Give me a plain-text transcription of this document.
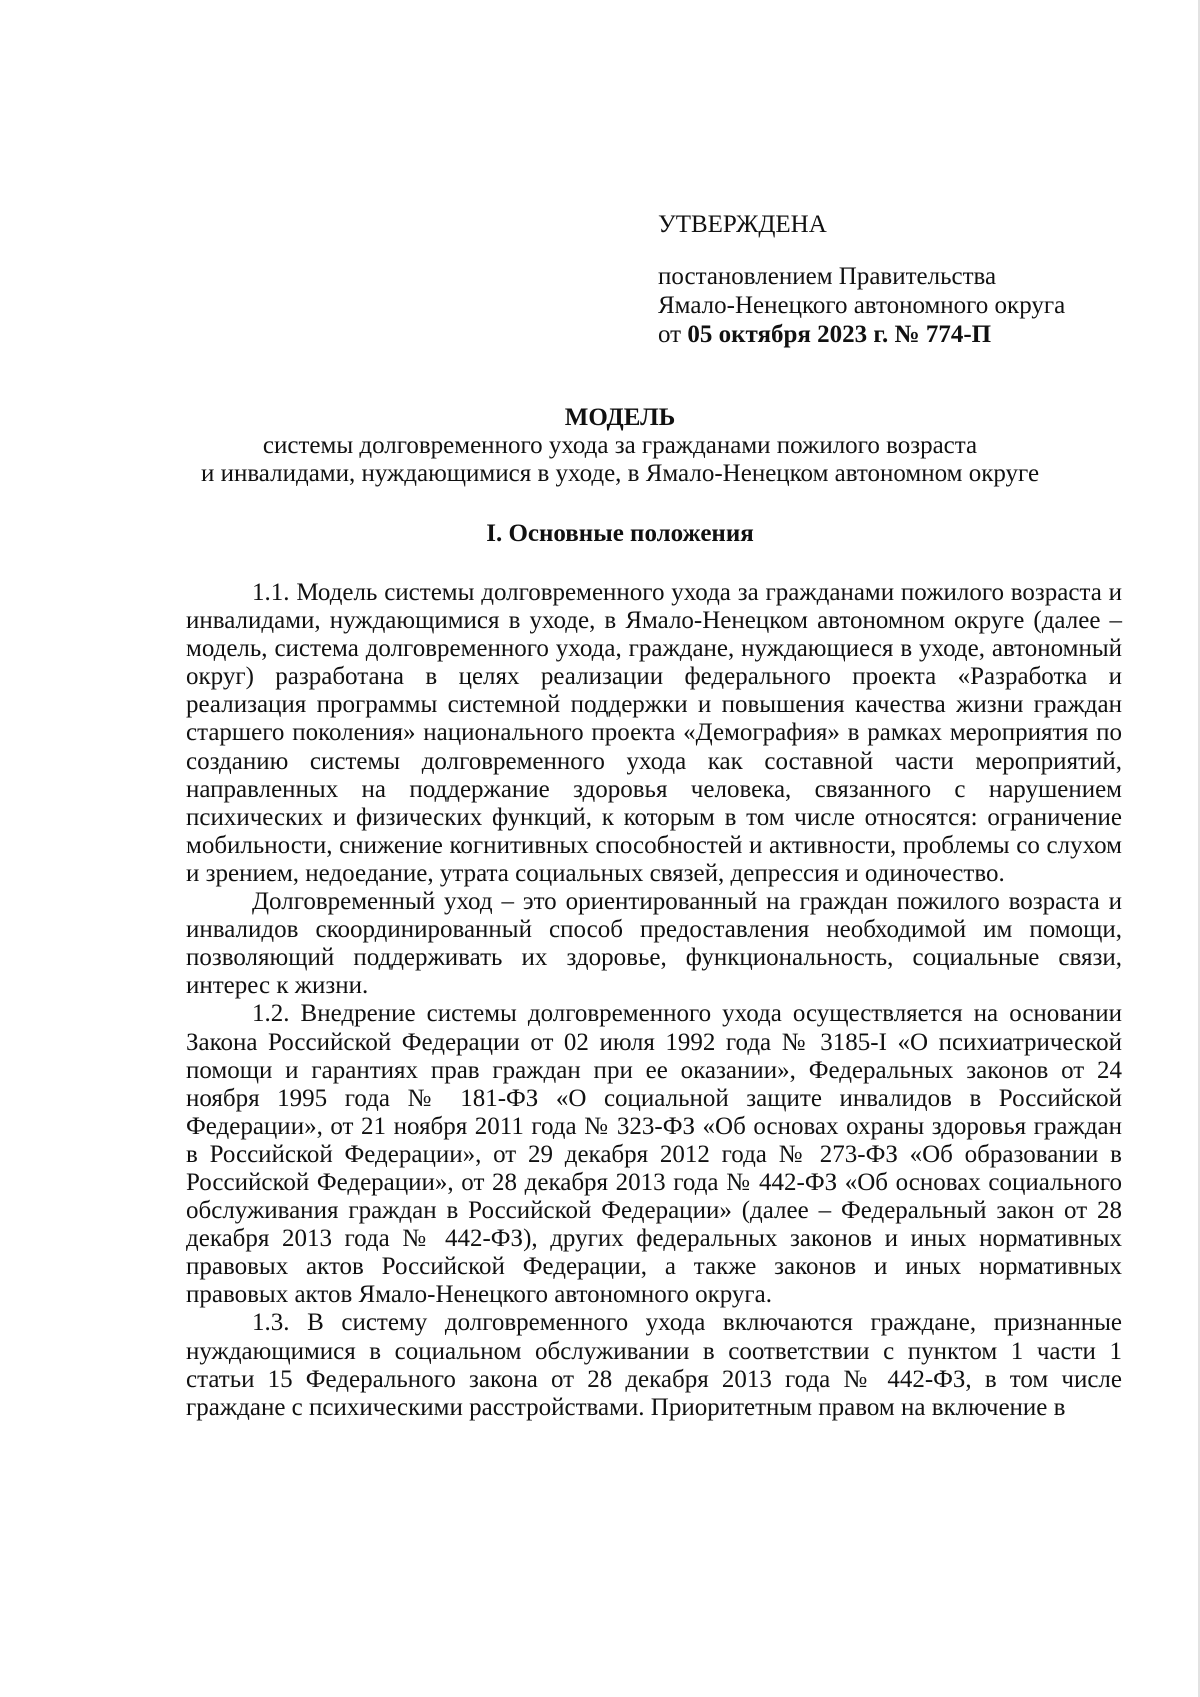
УТВЕРЖДЕНА
постановлением Правительства
Ямало-Ненецкого автономного округа
от 05 октября 2023 г. № 774-П
МОДЕЛЬ
системы долговременного ухода за гражданами пожилого возраста
и инвалидами, нуждающимися в уходе, в Ямало-Ненецком автономном округе
I. Основные положения

1.1. Модель системы долговременного ухода за гражданами пожилого возраста и инвалидами, нуждающимися в уходе, в Ямало-Ненецком автономном округе (далее – модель, система долговременного ухода, граждане, нуждающиеся в уходе, автономный округ) разработана в целях реализации федерального проекта «Разработка и реализация программы системной поддержки и повышения качества жизни граждан старшего поколения» национального проекта «Демография» в рамках мероприятия по созданию системы долговременного ухода как составной части мероприятий, направленных на поддержание здоровья человека, связанного с нарушением психических и физических функций, к которым в том числе относятся: ограничение мобильности, снижение когнитивных способностей и активности, проблемы со слухом и зрением, недоедание, утрата социальных связей, депрессия и одиночество.

Долговременный уход – это ориентированный на граждан пожилого возраста и инвалидов скоординированный способ предоставления необходимой им помощи, позволяющий поддерживать их здоровье, функциональность, социальные связи, интерес к жизни.

1.2. Внедрение системы долговременного ухода осуществляется на основании Закона Российской Федерации от 02 июля 1992 года № 3185-I «О психиатрической помощи и гарантиях прав граждан при ее оказании», Федеральных законов от 24 ноября 1995 года № 181-ФЗ «О социальной защите инвалидов в Российской Федерации», от 21 ноября 2011 года № 323-ФЗ «Об основах охраны здоровья граждан в Российской Федерации», от 29 декабря 2012 года № 273-ФЗ «Об образовании в Российской Федерации», от 28 декабря 2013 года № 442-ФЗ «Об основах социального обслуживания граждан в Российской Федерации» (далее – Федеральный закон от 28 декабря 2013 года № 442-ФЗ), других федеральных законов и иных нормативных правовых актов Российской Федерации, а также законов и иных нормативных правовых актов Ямало-Ненецкого автономного округа.

1.3. В систему долговременного ухода включаются граждане, признанные нуждающимися в социальном обслуживании в соответствии с пунктом 1 части 1 статьи 15 Федерального закона от 28 декабря 2013 года № 442-ФЗ, в том числе граждане с психическими расстройствами. Приоритетным правом на включение в
